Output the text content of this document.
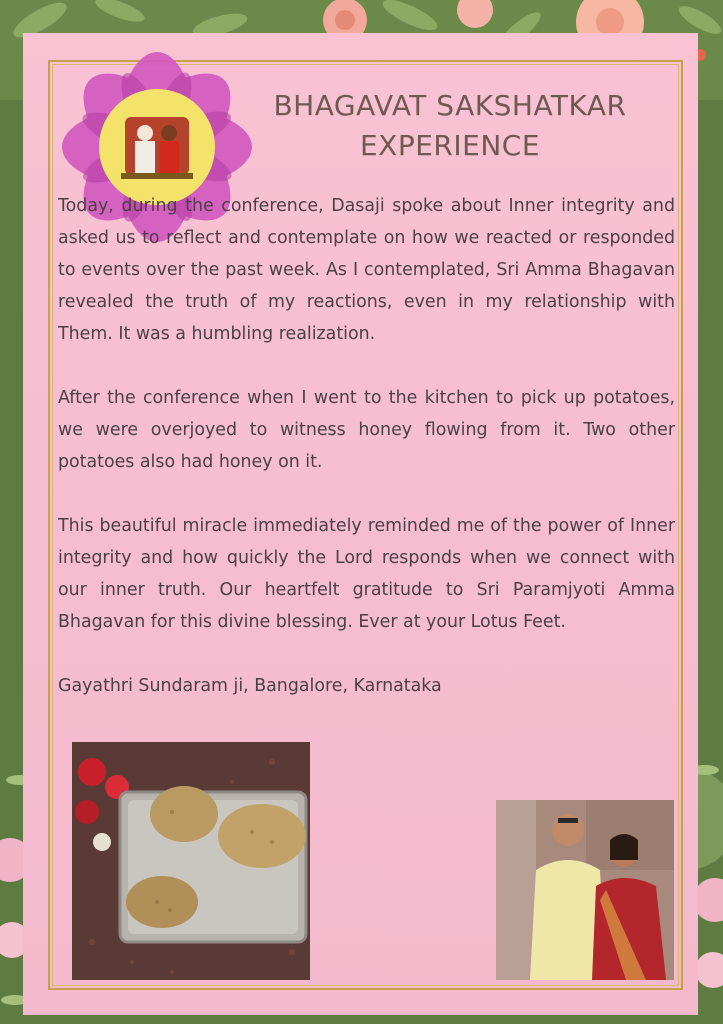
BHAGAVAT SAKSHATKAR
EXPERIENCE

Today, during the conference, Dasaji spoke about Inner integrity and asked us to reflect and contemplate on how we reacted or responded to events over the past week. As I contemplated, Sri Amma Bhagavan revealed the truth of my reactions, even in my relationship with Them. It was a humbling realization.

After the conference when I went to the kitchen to pick up potatoes, we were overjoyed to witness honey flowing from it. Two other potatoes also had honey on it.

This beautiful miracle immediately reminded me of the power of Inner integrity and how quickly the Lord responds when we connect with our inner truth. Our heartfelt gratitude to Sri Paramjyoti Amma Bhagavan for this divine blessing. Ever at your Lotus Feet.

Gayathri Sundaram ji, Bangalore, Karnataka
